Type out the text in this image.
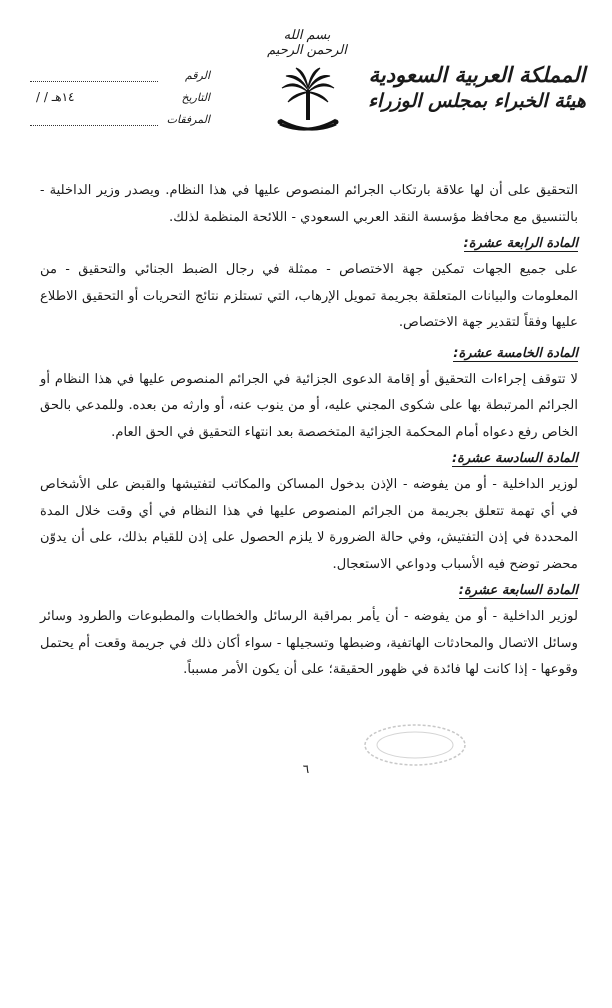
بسم الله الرحمن الرحيم
المملكة العربية السعودية
هيئة الخبراء بمجلس الوزراء
الرقم
التاريخ
/ / ١٤هـ
المرفقات

التحقيق على أن لها علاقة بارتكاب الجرائم المنصوص عليها في هذا النظام. ويصدر وزير الداخلية - بالتنسيق مع محافظ مؤسسة النقد العربي السعودي - اللائحة المنظمة لذلك.

المادة الرابعة عشرة:

على جميع الجهات تمكين جهة الاختصاص - ممثلة في رجال الضبط الجنائي والتحقيق - من المعلومات والبيانات المتعلقة بجريمة تمويل الإرهاب، التي تستلزم نتائج التحريات أو التحقيق الاطلاع عليها وفقاً لتقدير جهة الاختصاص.

المادة الخامسة عشرة:

لا تتوقف إجراءات التحقيق أو إقامة الدعوى الجزائية في الجرائم المنصوص عليها في هذا النظام أو الجرائم المرتبطة بها على شكوى المجني عليه، أو من ينوب عنه، أو وارثه من بعده. وللمدعي بالحق الخاص رفع دعواه أمام المحكمة الجزائية المتخصصة بعد انتهاء التحقيق في الحق العام.

المادة السادسة عشرة:

لوزير الداخلية - أو من يفوضه - الإذن بدخول المساكن والمكاتب لتفتيشها والقبض على الأشخاص في أي تهمة تتعلق بجريمة من الجرائم المنصوص عليها في هذا النظام في أي وقت خلال المدة المحددة في إذن التفتيش، وفي حالة الضرورة لا يلزم الحصول على إذن للقيام بذلك، على أن يدوّن محضر توضح فيه الأسباب ودواعي الاستعجال.

المادة السابعة عشرة:

لوزير الداخلية - أو من يفوضه - أن يأمر بمراقبة الرسائل والخطابات والمطبوعات والطرود وسائر وسائل الاتصال والمحادثات الهاتفية، وضبطها وتسجيلها - سواء أكان ذلك في جريمة وقعت أم يحتمل وقوعها - إذا كانت لها فائدة في ظهور الحقيقة؛ على أن يكون الأمر مسبباً.

٦
